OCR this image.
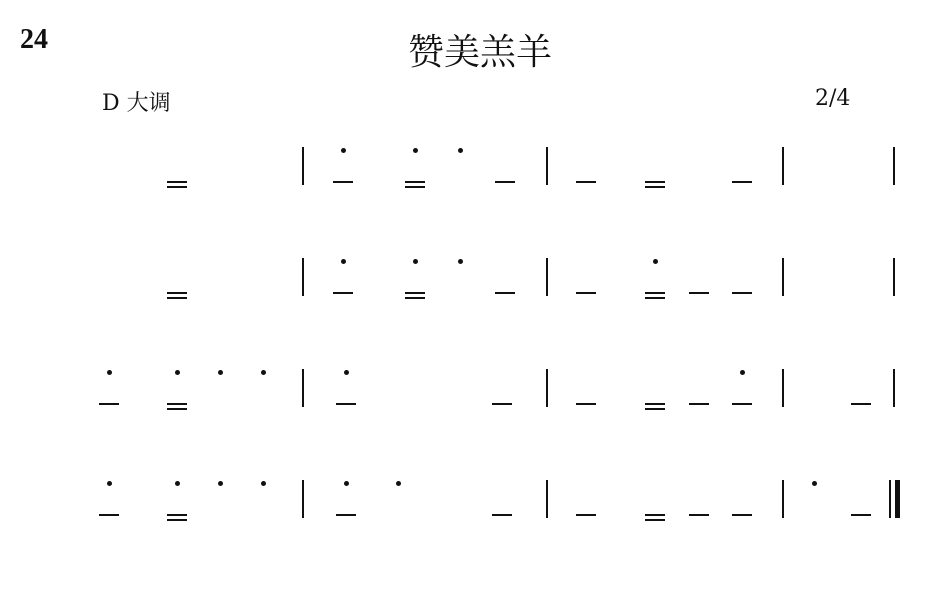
24	赞美羔羊
D 大调	2/4
